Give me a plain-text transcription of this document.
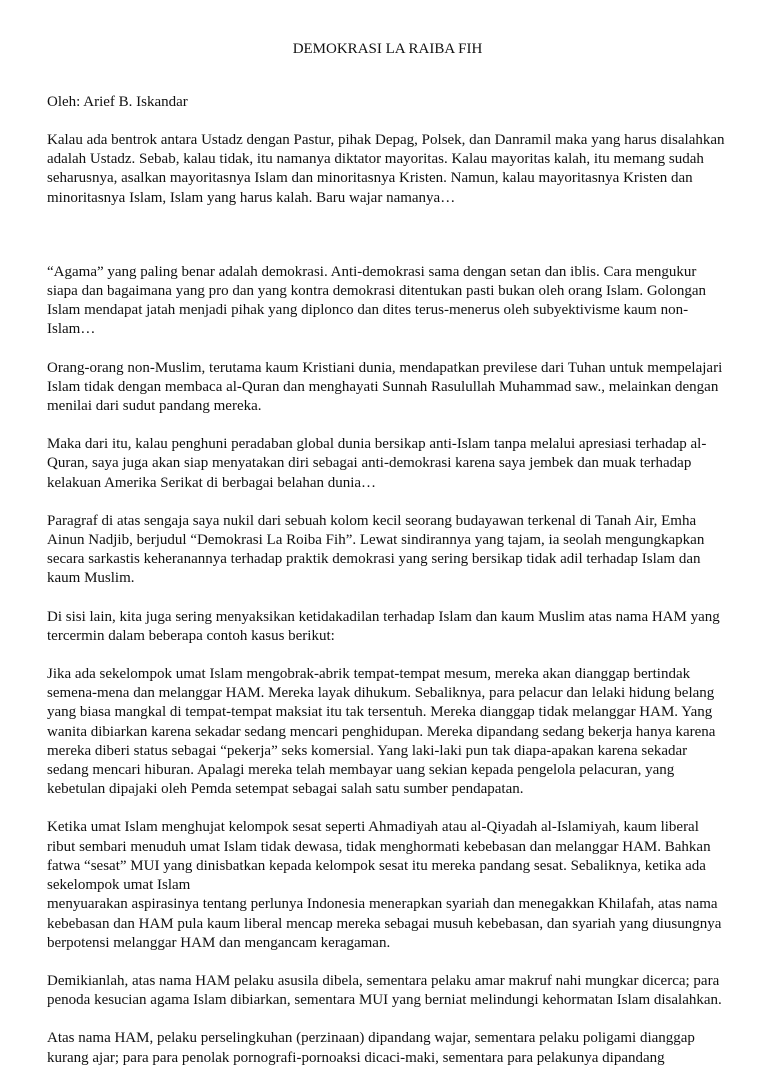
DEMOKRASI LA RAIBA FIH
Oleh: Arief B. Iskandar
Kalau ada bentrok antara Ustadz dengan Pastur, pihak Depag, Polsek, dan Danramil maka yang harus disalahkan adalah Ustadz. Sebab, kalau tidak, itu namanya diktator mayoritas. Kalau mayoritas kalah, itu memang sudah seharusnya, asalkan mayoritasnya Islam dan minoritasnya Kristen. Namun, kalau mayoritasnya Kristen dan minoritasnya Islam, Islam yang harus kalah. Baru wajar namanya…
“Agama” yang paling benar adalah demokrasi. Anti-demokrasi sama dengan setan dan iblis. Cara mengukur siapa dan bagaimana yang pro dan yang kontra demokrasi ditentukan pasti bukan oleh orang Islam. Golongan Islam mendapat jatah menjadi pihak yang diplonco dan dites terus-menerus oleh subyektivisme kaum non-Islam…
Orang-orang non-Muslim, terutama kaum Kristiani dunia, mendapatkan previlese dari Tuhan untuk mempelajari Islam tidak dengan membaca al-Quran dan menghayati Sunnah Rasulullah Muhammad saw., melainkan dengan menilai dari sudut pandang mereka.
Maka dari itu, kalau penghuni peradaban global dunia bersikap anti-Islam tanpa melalui apresiasi terhadap al-Quran, saya juga akan siap menyatakan diri sebagai anti-demokrasi karena saya jembek dan muak terhadap kelakuan Amerika Serikat di berbagai belahan dunia…
Paragraf di atas sengaja saya nukil dari sebuah kolom kecil seorang budayawan terkenal di Tanah Air, Emha Ainun Nadjib, berjudul “Demokrasi La Roiba Fih”. Lewat sindirannya yang tajam, ia seolah mengungkapkan secara sarkastis keheranannya terhadap praktik demokrasi yang sering bersikap tidak adil terhadap Islam dan kaum Muslim.
Di sisi lain, kita juga sering menyaksikan ketidakadilan terhadap Islam dan kaum Muslim atas nama HAM yang tercermin dalam beberapa contoh kasus berikut:
Jika ada sekelompok umat Islam mengobrak-abrik tempat-tempat mesum, mereka akan dianggap bertindak semena-mena dan melanggar HAM. Mereka layak dihukum. Sebaliknya, para pelacur dan lelaki hidung belang yang biasa mangkal di tempat-tempat maksiat itu tak tersentuh. Mereka dianggap tidak melanggar HAM. Yang wanita dibiarkan karena sekadar sedang mencari penghidupan. Mereka dipandang sedang bekerja hanya karena mereka diberi status sebagai “pekerja” seks komersial. Yang laki-laki pun tak diapa-apakan karena sekadar sedang mencari hiburan. Apalagi mereka telah membayar uang sekian kepada pengelola pelacuran, yang kebetulan dipajaki oleh Pemda setempat sebagai salah satu sumber pendapatan.
Ketika umat Islam menghujat kelompok sesat seperti Ahmadiyah atau al-Qiyadah al-Islamiyah, kaum liberal ribut sembari menuduh umat Islam tidak dewasa, tidak menghormati kebebasan dan melanggar HAM. Bahkan fatwa “sesat” MUI yang dinisbatkan kepada kelompok sesat itu mereka pandang sesat. Sebaliknya, ketika ada sekelompok umat Islam
menyuarakan aspirasinya tentang perlunya Indonesia menerapkan syariah dan menegakkan Khilafah, atas nama kebebasan dan HAM pula kaum liberal mencap mereka sebagai musuh kebebasan, dan syariah yang diusungnya berpotensi melanggar HAM dan mengancam keragaman.
Demikianlah, atas nama HAM pelaku asusila dibela, sementara pelaku amar makruf nahi mungkar dicerca; para penoda kesucian agama Islam dibiarkan, sementara MUI yang berniat melindungi kehormatan Islam disalahkan.
Atas nama HAM, pelaku perselingkuhan (perzinaan) dipandang wajar, sementara pelaku poligami dianggap kurang ajar; para para penolak pornografi-pornoaksi dicaci-maki, sementara para pelakunya dipandang
